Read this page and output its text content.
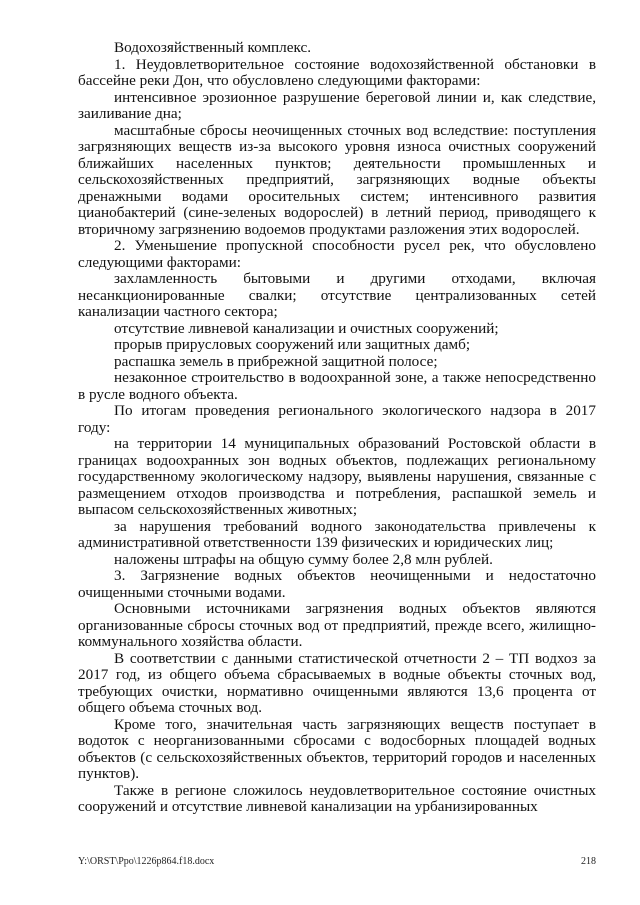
Водохозяйственный комплекс.

1. Неудовлетворительное состояние водохозяйственной обстановки в бассейне реки Дон, что обусловлено следующими факторами:

интенсивное эрозионное разрушение береговой линии и, как следствие, заиливание дна;

масштабные сбросы неочищенных сточных вод вследствие: поступления загрязняющих веществ из-за высокого уровня износа очистных сооружений ближайших населенных пунктов; деятельности промышленных и сельскохозяйственных предприятий, загрязняющих водные объекты дренажными водами оросительных систем; интенсивного развития цианобактерий (сине-зеленых водорослей) в летний период, приводящего к вторичному загрязнению водоемов продуктами разложения этих водорослей.

2. Уменьшение пропускной способности русел рек, что обусловлено следующими факторами:

захламленность бытовыми и другими отходами, включая несанкционированные свалки; отсутствие централизованных сетей канализации частного сектора;

отсутствие ливневой канализации и очистных сооружений;

прорыв прирусловых сооружений или защитных дамб;

распашка земель в прибрежной защитной полосе;

незаконное строительство в водоохранной зоне, а также непосредственно в русле водного объекта.

По итогам проведения регионального экологического надзора в 2017 году:

на территории 14 муниципальных образований Ростовской области в границах водоохранных зон водных объектов, подлежащих региональному государственному экологическому надзору, выявлены нарушения, связанные с размещением отходов производства и потребления, распашкой земель и выпасом сельскохозяйственных животных;

за нарушения требований водного законодательства привлечены к административной ответственности 139 физических и юридических лиц;

наложены штрафы на общую сумму более 2,8 млн рублей.

3. Загрязнение водных объектов неочищенными и недостаточно очищенными сточными водами.

Основными источниками загрязнения водных объектов являются организованные сбросы сточных вод от предприятий, прежде всего, жилищно-коммунального хозяйства области.

В соответствии с данными статистической отчетности 2 – ТП водхоз за 2017 год, из общего объема сбрасываемых в водные объекты сточных вод, требующих очистки, нормативно очищенными являются 13,6 процента от общего объема сточных вод.

Кроме того, значительная часть загрязняющих веществ поступает в водоток с неорганизованными сбросами с водосборных площадей водных объектов (с сельскохозяйственных объектов, территорий городов и населенных пунктов).

Также в регионе сложилось неудовлетворительное состояние очистных сооружений и отсутствие ливневой канализации на урбанизированных

Y:\ORST\Ppo\1226p864.f18.docx	218
